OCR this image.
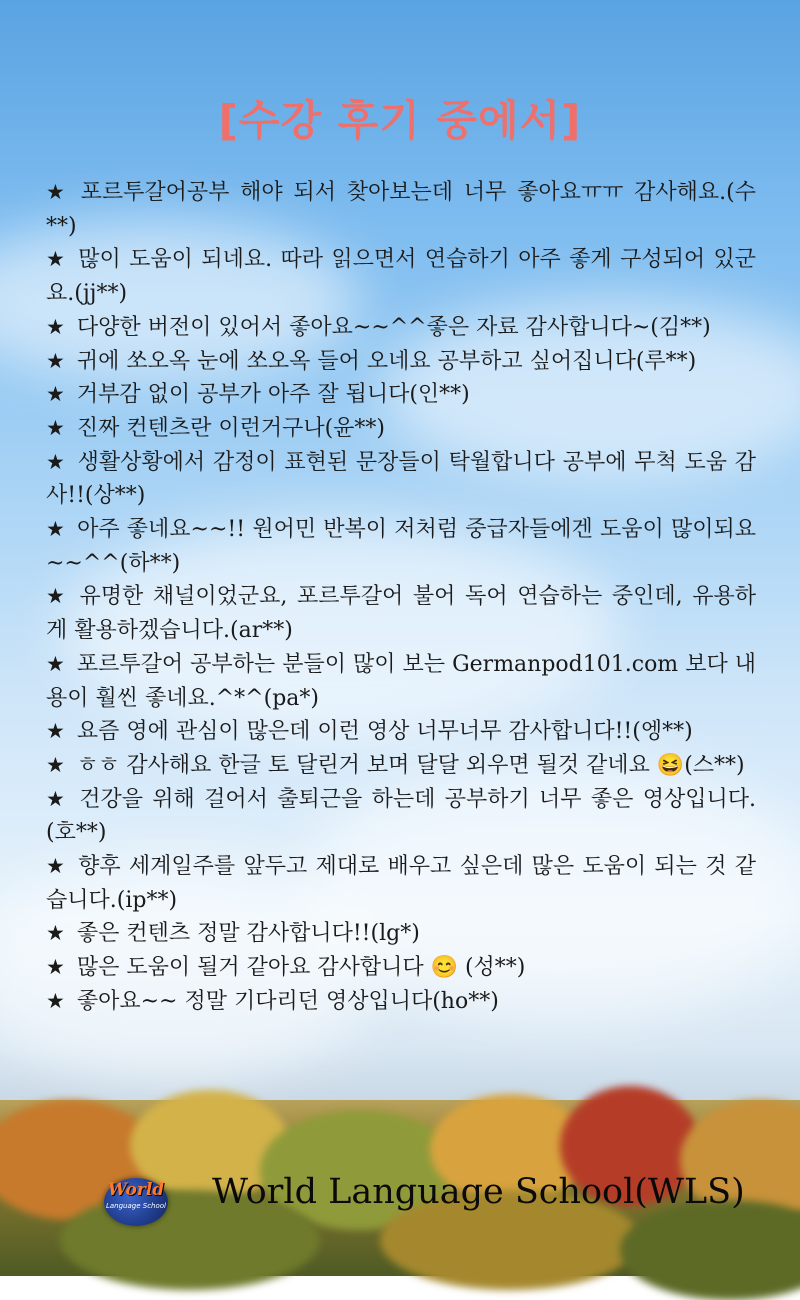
[수강 후기 중에서]

★ 포르투갈어공부 해야 되서 찾아보는데 너무 좋아요ㅠㅠ 감사해요.(수**)

★ 많이 도움이 되네요. 따라 읽으면서 연습하기 아주 좋게 구성되어 있군요.(jj**)

★ 다양한 버전이 있어서 좋아요~~^^좋은 자료 감사합니다~(김**)

★ 귀에 쏘오옥 눈에 쏘오옥 들어 오네요 공부하고 싶어집니다(루**)

★ 거부감 없이 공부가 아주 잘 됩니다(인**)

★ 진짜 컨텐츠란 이런거구나(윤**)

★ 생활상황에서 감정이 표현된 문장들이 탁월합니다 공부에 무척 도움 감사!!(상**)

★ 아주 좋네요~~!! 원어민 반복이 저처럼 중급자들에겐 도움이 많이되요~~^^(하**)

★ 유명한 채널이었군요, 포르투갈어 불어 독어 연습하는 중인데, 유용하게 활용하겠습니다.(ar**)

★ 포르투갈어 공부하는 분들이 많이 보는 Germanpod101.com 보다 내용이 훨씬 좋네요.^*^(pa*)

★ 요즘 영에 관심이 많은데 이런 영상 너무너무 감사합니다!!(엥**)

★ ㅎㅎ 감사해요 한글 토 달린거 보며 달달 외우면 될것 같네요 😆(스**)

★ 건강을 위해 걸어서 출퇴근을 하는데 공부하기 너무 좋은 영상입니다.(호**)

★ 향후 세계일주를 앞두고 제대로 배우고 싶은데 많은 도움이 되는 것 같습니다.(ip**)

★ 좋은 컨텐츠 정말 감사합니다!!(lg*)

★ 많은 도움이 될거 같아요 감사합니다 😊 (성**)

★ 좋아요~~ 정말 기다리던 영상입니다(ho**)

World
Language School World Language School(WLS)
